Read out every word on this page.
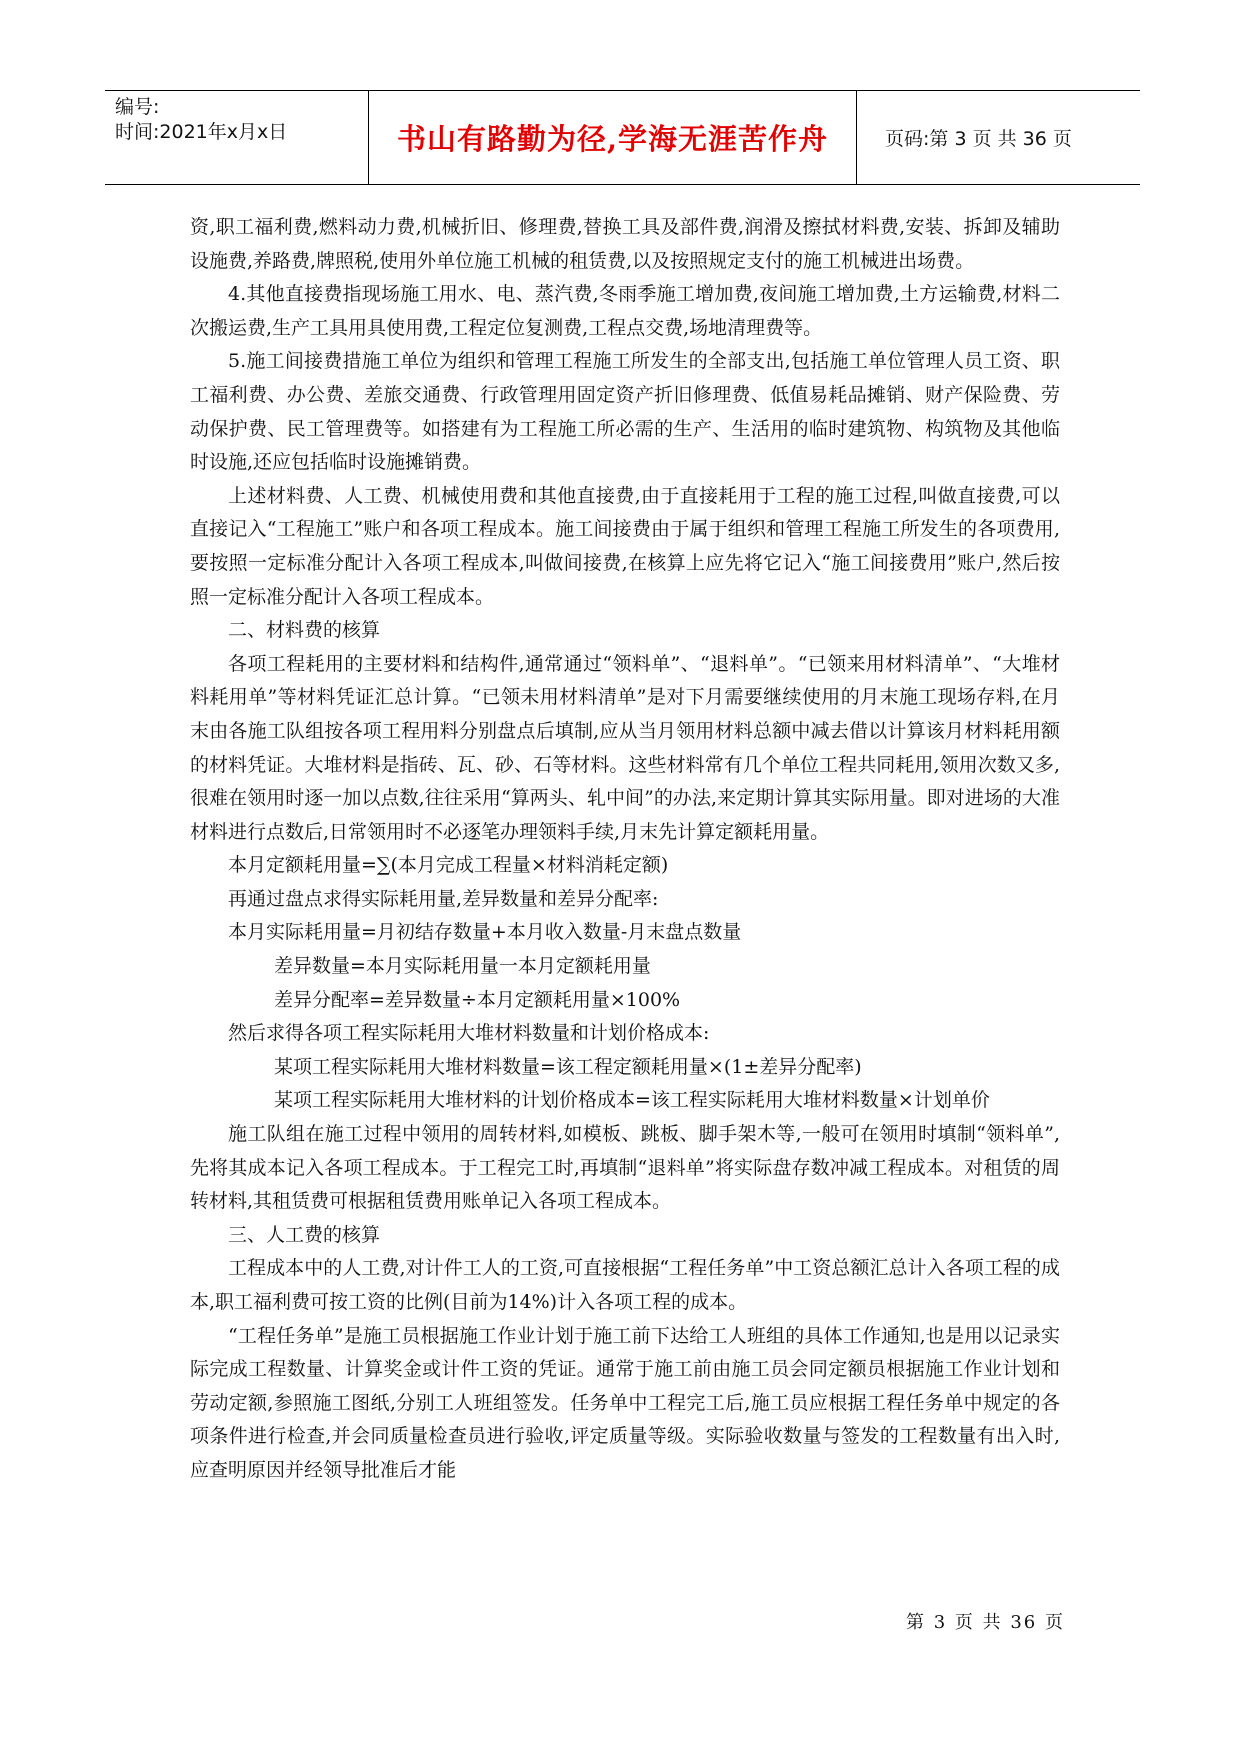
编号:
时间:2021年x月x日	书山有路勤为径,学海无涯苦作舟	页码:第 3 页 共 36 页

资,职工福利费,燃料动力费,机械折旧、修理费,替换工具及部件费,润滑及擦拭材料费,安装、拆卸及辅助设施费,养路费,牌照税,使用外单位施工机械的租赁费,以及按照规定支付的施工机械进出场费。

4.其他直接费指现场施工用水、电、蒸汽费,冬雨季施工增加费,夜间施工增加费,土方运输费,材料二次搬运费,生产工具用具使用费,工程定位复测费,工程点交费,场地清理费等。

5.施工间接费措施工单位为组织和管理工程施工所发生的全部支出,包括施工单位管理人员工资、职工福利费、办公费、差旅交通费、行政管理用固定资产折旧修理费、低值易耗品摊销、财产保险费、劳动保护费、民工管理费等。如搭建有为工程施工所必需的生产、生活用的临时建筑物、构筑物及其他临时设施,还应包括临时设施摊销费。

上述材料费、人工费、机械使用费和其他直接费,由于直接耗用于工程的施工过程,叫做直接费,可以直接记入“工程施工”账户和各项工程成本。施工间接费由于属于组织和管理工程施工所发生的各项费用,要按照一定标准分配计入各项工程成本,叫做间接费,在核算上应先将它记入“施工间接费用”账户,然后按照一定标准分配计入各项工程成本。

二、材料费的核算

各项工程耗用的主要材料和结构件,通常通过“领料单”、“退料单”。“已领来用材料清单”、“大堆材料耗用单”等材料凭证汇总计算。“已领未用材料清单”是对下月需要继续使用的月末施工现场存料,在月末由各施工队组按各项工程用料分别盘点后填制,应从当月领用材料总额中减去借以计算该月材料耗用额的材料凭证。大堆材料是指砖、瓦、砂、石等材料。这些材料常有几个单位工程共同耗用,领用次数又多,很难在领用时逐一加以点数,往往采用“算两头、轧中间”的办法,来定期计算其实际用量。即对进场的大准材料进行点数后,日常领用时不必逐笔办理领料手续,月末先计算定额耗用量。

本月定额耗用量=∑(本月完成工程量×材料消耗定额)

再通过盘点求得实际耗用量,差异数量和差异分配率:

本月实际耗用量=月初结存数量+本月收入数量-月末盘点数量

差异数量=本月实际耗用量一本月定额耗用量

差异分配率=差异数量÷本月定额耗用量×100%

然后求得各项工程实际耗用大堆材料数量和计划价格成本:

某项工程实际耗用大堆材料数量=该工程定额耗用量×(1±差异分配率)

某项工程实际耗用大堆材料的计划价格成本=该工程实际耗用大堆材料数量×计划单价

施工队组在施工过程中领用的周转材料,如模板、跳板、脚手架木等,一般可在领用时填制“领料单”,先将其成本记入各项工程成本。于工程完工时,再填制“退料单”将实际盘存数冲减工程成本。对租赁的周转材料,其租赁费可根据租赁费用账单记入各项工程成本。

三、人工费的核算

工程成本中的人工费,对计件工人的工资,可直接根据“工程任务单”中工资总额汇总计入各项工程的成本,职工福利费可按工资的比例(目前为14%)计入各项工程的成本。

“工程任务单”是施工员根据施工作业计划于施工前下达给工人班组的具体工作通知,也是用以记录实际完成工程数量、计算奖金或计件工资的凭证。通常于施工前由施工员会同定额员根据施工作业计划和劳动定额,参照施工图纸,分别工人班组签发。任务单中工程完工后,施工员应根据工程任务单中规定的各项条件进行检查,并会同质量检查员进行验收,评定质量等级。实际验收数量与签发的工程数量有出入时,应查明原因并经领导批准后才能

第 3 页 共 36 页
